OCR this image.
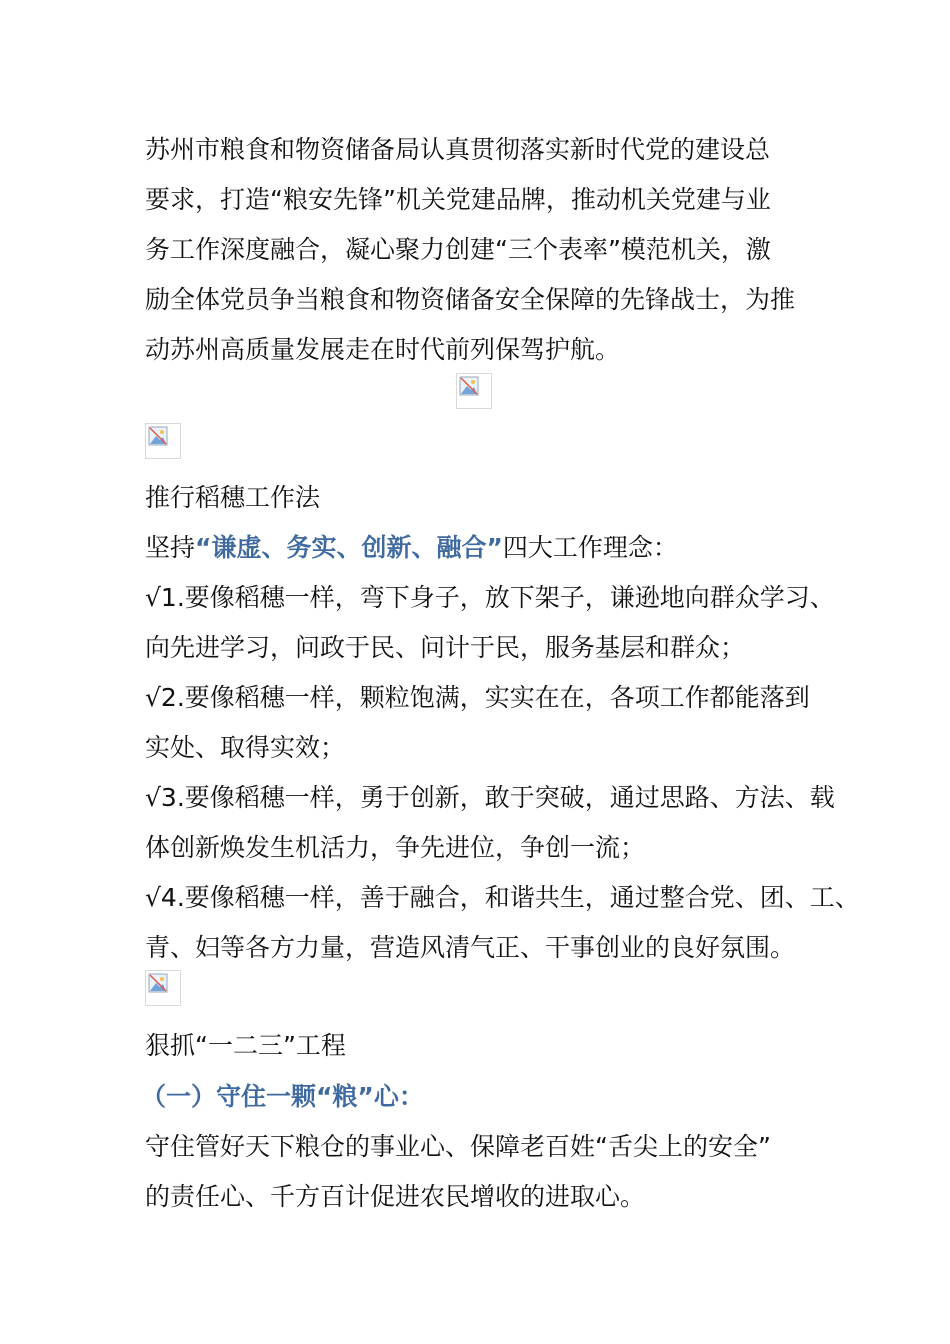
苏州市粮食和物资储备局认真贯彻落实新时代党的建设总
要求，打造“粮安先锋”机关党建品牌，推动机关党建与业
务工作深度融合，凝心聚力创建“三个表率”模范机关，激
励全体党员争当粮食和物资储备安全保障的先锋战士，为推
动苏州高质量发展走在时代前列保驾护航。
推行稻穗工作法
坚持“谦虚、务实、创新、融合”四大工作理念：
√1.要像稻穗一样，弯下身子，放下架子，谦逊地向群众学习、
向先进学习，问政于民、问计于民，服务基层和群众；
√2.要像稻穗一样，颗粒饱满，实实在在，各项工作都能落到
实处、取得实效；
√3.要像稻穗一样，勇于创新，敢于突破，通过思路、方法、载
体创新焕发生机活力，争先进位，争创一流；
√4.要像稻穗一样，善于融合，和谐共生，通过整合党、团、工、
青、妇等各方力量，营造风清气正、干事创业的良好氛围。
狠抓“一二三”工程
（一）守住一颗“粮”心：
守住管好天下粮仓的事业心、保障老百姓“舌尖上的安全”
的责任心、千方百计促进农民增收的进取心。
